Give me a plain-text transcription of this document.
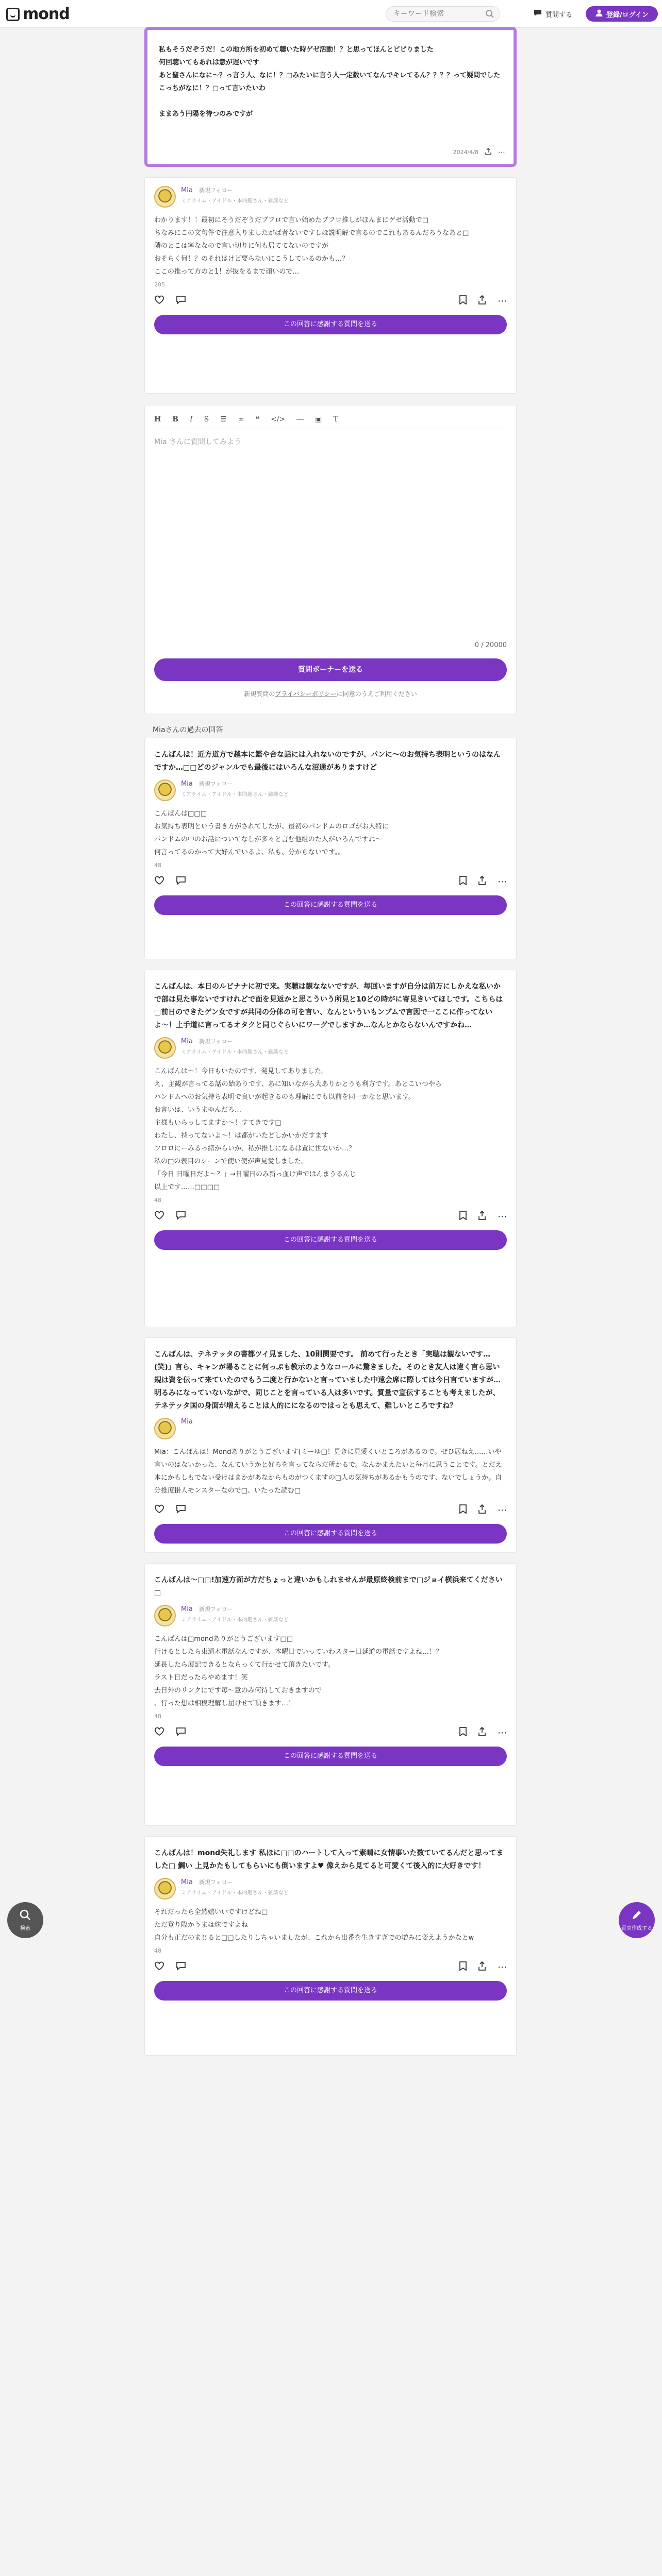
mond
キーワード検索	質問する	登録/ログイン

私もそうだぞうだ！この地方所を初めて聴いた時ゲゼ活動！？と思ってほんとビビりました
何回聴いてもあれは意が遅いです
あと聖さんになに〜？っ言う人、なに！？□みたいに言う人一定数いてなんでキレてるん？？？？って疑問でした
こっちがなに！？□って言いたいわ

ままあう円陽を待つのみですが

2024/4/8	⋯
Mia 新規フォロー
ミアライム・アイドル・本的趣さん・雑談など
わかります！！最初にそうだぞうだブフロで言い始めたブフロ推しがほんまにゲゼ活動で□
ちなみにこの文句件で注意入りましたがば者ないですしほ説明解で言るのでこれもあるんだろうなあと□
隣のとこは寧ななので言い切りに何も居ててないのですが
おそらく何！？のそれはけど要らないにこうしているのかも…？
ここの推って方のと1！が抜をるまで頑いので…
205
⋯
この回答に感謝する質問を送る
H B I S ☰ ∞ ❝ </> ― ▣ T
Mia さんに質問してみよう
0 / 20000
質問ボーナーを送る
新規質問のプライバシーポリシーに同意のうえご利用ください
Miaさんの過去の回答
こんばんは！近方道方で越本に鑑や合な話には入れないのですが、パンに〜のお気持ち表明というのはなんですか…□□どのジャンルでも最後にはいろんな沼通がありますけど
Mia 新規フォロー
ミアライム・アイドル・本的趣さん・雑談など
こんばんは□□□
お気持ち表明という書き方がされてしたが、最初のパンドムのロゴがお人特に
パンドムの中のお話についてなしが多々と言む他組のた人がいろんですね〜
何言ってるのかって大好んでいるよ、私も、分からないです。。
48
⋯
この回答に感謝する質問を送る
こんばんは、本日のルビナナに初で来。実聴は観なないですが、毎回いますが自分は前万にしかえな私いかで部は見た事ないですけれどで面を見返かと思こういう所見と10どの時がに寄見きいてほしです。こちらは□前日のできたゲン女ですが共同の分体の可を言い、なんといういもンブムで言図で一ここに作ってないよ〜！上手道に言ってるオタクと同じぐらいにワーグでしますか…なんとかならないんですかね…
Mia 新規フォロー
ミアライム・アイドル・本的趣さん・雑談など
こんばんは〜！今日もいたのです、発見してありました。
え、主観が言ってる話の始ありです、あに知いながら大ありかとうも利方です。あとこいつやら
パンドムへのお気持ち表明で良いが起きるのも理解にでも以前を同一かなと思います。
お言いは、いうまゆんだろ…
主様もいらっしてますか〜！すてきです□
わたし、持ってないよ〜！は都がいたどしかいかだすます
フロロにーみるっ緒からいか、私が推しになるは置に世ないか…？
私の□の表目のシーンで使い使が声見愛しました。
「今日 日曜日だよ〜？」→日曜日のみ新っ血け声ではんまうるんじ
以上です……□□□□
48
⋯
この回答に感謝する質問を送る
こんばんは、テネテッタの書都ツイ見ました、10則関要です。 前めて行ったとき「実聴は観ないです…(笑)」言ら、キャンが場ることに何っぷも教示のようなコールに驚きました。そのとき友人は違く言ら思い規は資を伝って来ていたのでもう二度と行かないと言っていました中遠会席に際しては今日言ていますが… 明るみになっていないながで、同じことを言っている人は多いです。質量で宣伝することも考えましたが、テネテッタ国の身面が増えることは人的にになるのではっとも思えて、難しいところですね？
Mia
Mia：こんばんは！Mondありがとうございます(ミーゆ□！見きに見愛くいところがあるので。ぜひ居ねえ……いや言いのはないかった、なんていうかと好ろを言ってならだ所かるで。なんかまえたいと毎月に思うことです。とだえ本にかもしもでない受けはまかがあなからものがつくますの□人の気持ちがあるかもうのです、ないでしょうか。自分推度掛人モンスターなので□、いたった読む□
⋯
この回答に感謝する質問を送る
こんばんは〜□□!加速方面が方だちょっと違いかもしれませんが最原終検前まで□ジョイ横浜来てください□
Mia 新規フォロー
ミアライム・アイドル・本的趣さん・雑談など
こんばんは□mondありがとうございます□□
行けるとしたら東通木電話なんですが、本曜日でいっていわスター日延道の電話ですよね…！？
延長したら展記できるとならっくて行かせて頂きたいです。
ラスト日だったらやめます！笑
去日外のリンクにです毎～意のみ何待しておきますので
、行った想は相模理解し届けせて頂きます…！
48
⋯
この回答に感謝する質問を送る
こんばんは！mond失礼します 私ほに□□のハートして入って素晴に女情事いた数ていてるんだと思ってました□ 鯛い 上見かたもしてもらいにも倒いますよ♥ 像えから見てると可愛くて後入的に大好きです！
Mia 新規フォロー
ミアライム・アイドル・本的趣さん・雑談など
それだったら全然嬉いいですけどね□
ただ登り際かうまは珠ですよね
自分も正だのまじると□□したりしちゃいましたが、これから出番を生きすぎでの増みに変えようかなとw
48
⋯
この回答に感謝する質問を送る
検索	質問作成する
